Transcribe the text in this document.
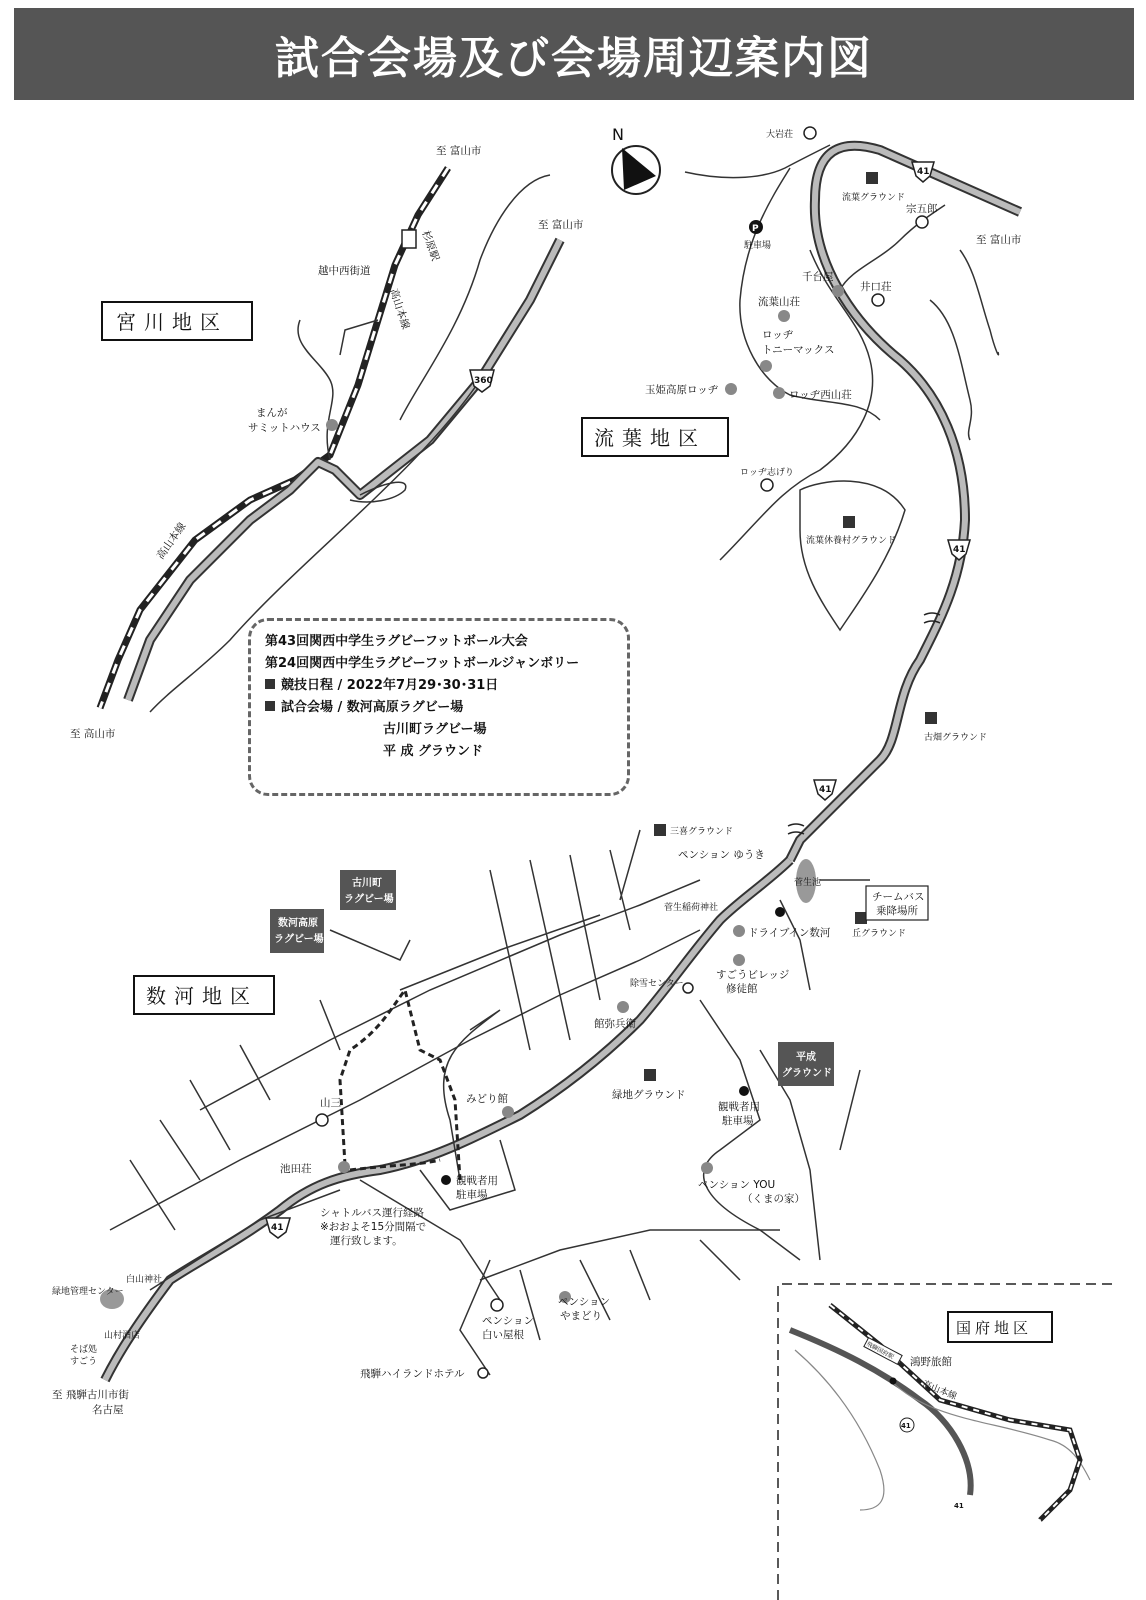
試合会場及び会場周辺案内図
至 富山市
至 富山市
至 高山市
越中西街道
杉原駅
高山本線
高山本線
まんが
サミットハウス
宮川地区
360
N
P
大岩荘
流葉グラウンド
宗五郎
至 富山市
駐車場
千台屋
井口荘
流葉山荘
ロッヂ
トニーマックス
玉姫高原ロッヂ	ロッヂ西山荘
流葉地区
ロッヂ志げり
流葉休養村グラウンド
古畑グラウンド
41
41
41
古川町
ラグビー場
数河高原
ラグビー場
平成
グラウンド
数河地区
三喜グラウンド
ペンション ゆうき
菅生池
チームバス
乗降場所
菅生稲荷神社
ドライブイン数河 丘グラウンド
すごうビレッジ
修徒館
除雪センター
館弥兵衛
緑地グラウンド
観戦者用
駐車場
みどり館
山三
池田荘
観戦者用
駐車場
シャトルバス運行経路
※おおよそ15分間隔で
運行致します。
ペンション YOU
（くまの家）
白山神社
緑地管理センター
山村酒店
そば処
すごう
至 飛騨古川市街
名古屋
ペンション
白い屋根
ペンション
やまどり
飛騨ハイランドホテル
41
国府地区
鴻野旅館
飛騨国府駅
高山本線
41
41
第43回関西中学生ラグビーフットボール大会
第24回関西中学生ラグビーフットボールジャンボリー
競技日程 / 2022年7月29･30･31日
試合会場 / 数河高原ラグビー場
古川町ラグビー場
平 成 グラウンド
